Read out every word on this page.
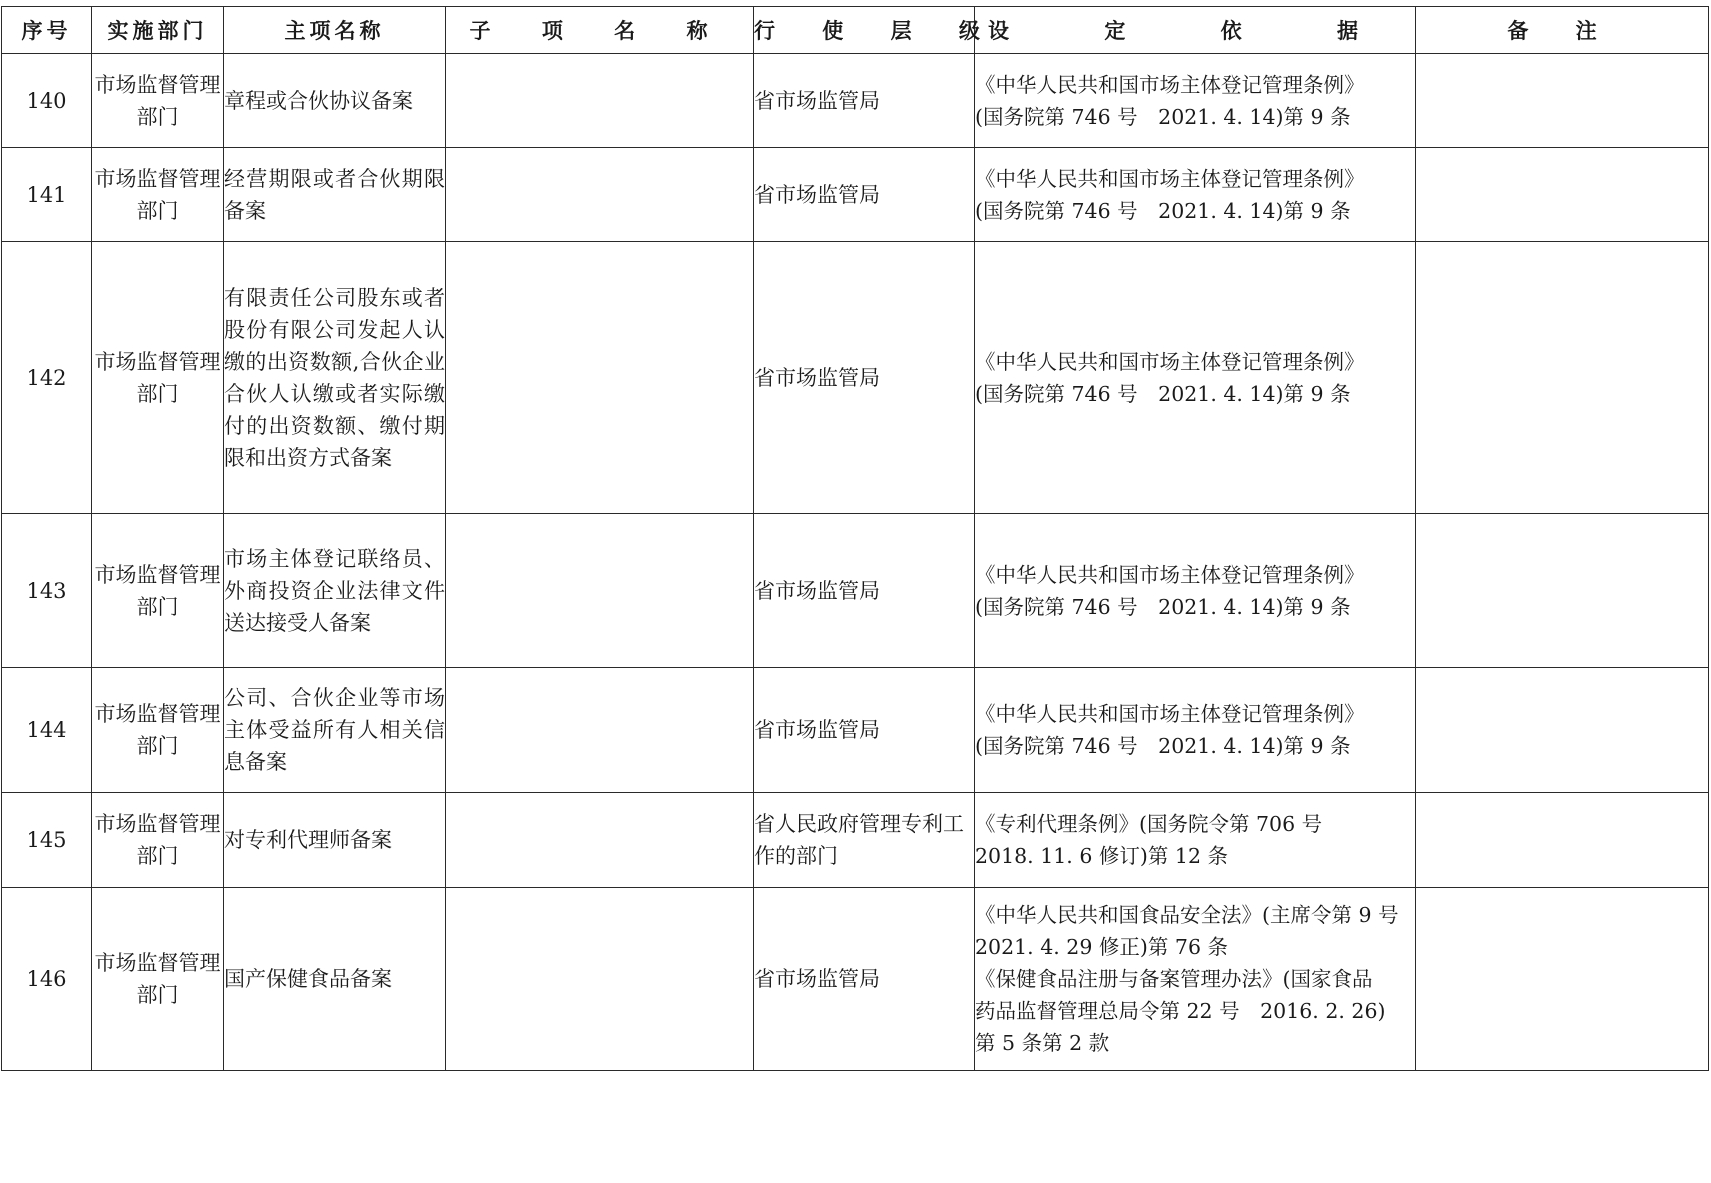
序号	实施部门	主项名称	子 项 名 称	行 使 层 级	设 定 依 据	备 注
140	市场监督管理部门	章程或合伙协议备案		省市场监管局	《中华人民共和国市场主体登记管理条例》
(国务院第 746 号　2021. 4. 14)第 9 条	

141	市场监督管理部门	经营期限或者合伙期限备案		省市场监管局	《中华人民共和国市场主体登记管理条例》
(国务院第 746 号　2021. 4. 14)第 9 条	

142	市场监督管理部门	有限责任公司股东或者股份有限公司发起人认缴的出资数额,合伙企业合伙人认缴或者实际缴付的出资数额、缴付期限和出资方式备案		省市场监管局	《中华人民共和国市场主体登记管理条例》
(国务院第 746 号　2021. 4. 14)第 9 条	

143	市场监督管理部门	市场主体登记联络员、外商投资企业法律文件送达接受人备案		省市场监管局	《中华人民共和国市场主体登记管理条例》
(国务院第 746 号　2021. 4. 14)第 9 条	

144	市场监督管理部门	公司、合伙企业等市场主体受益所有人相关信息备案		省市场监管局	《中华人民共和国市场主体登记管理条例》
(国务院第 746 号　2021. 4. 14)第 9 条	

145	市场监督管理部门	对专利代理师备案		省人民政府管理专利工作的部门	《专利代理条例》(国务院令第 706 号
2018. 11. 6 修订)第 12 条	

146	市场监督管理部门	国产保健食品备案		省市场监管局	《中华人民共和国食品安全法》(主席令第 9 号
2021. 4. 29 修正)第 76 条
《保健食品注册与备案管理办法》(国家食品
药品监督管理总局令第 22 号　2016. 2. 26)
第 5 条第 2 款	
